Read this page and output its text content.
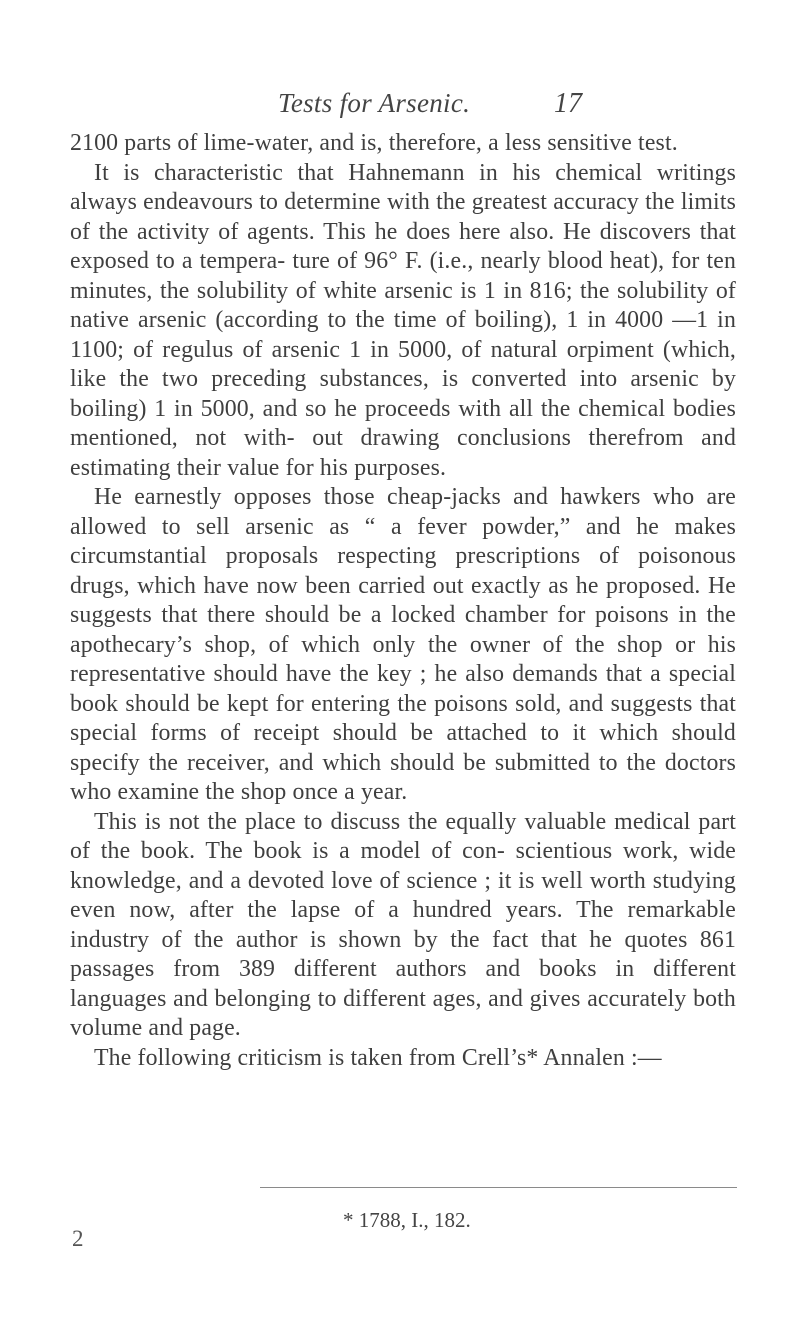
Tests for Arsenic.	17

2100 parts of lime-water, and is, therefore, a less sensitive test.

It is characteristic that Hahnemann in his chemical writings always endeavours to determine with the greatest accuracy the limits of the activity of agents. This he does here also. He discovers that exposed to a tempera- ture of 96° F. (i.e., nearly blood heat), for ten minutes, the solubility of white arsenic is 1 in 816; the solubility of native arsenic (according to the time of boiling), 1 in 4000 —1 in 1100; of regulus of arsenic 1 in 5000, of natural orpiment (which, like the two preceding substances, is converted into arsenic by boiling) 1 in 5000, and so he proceeds with all the chemical bodies mentioned, not with- out drawing conclusions therefrom and estimating their value for his purposes.

He earnestly opposes those cheap-jacks and hawkers who are allowed to sell arsenic as “ a fever powder,” and he makes circumstantial proposals respecting prescriptions of poisonous drugs, which have now been carried out exactly as he proposed. He suggests that there should be a locked chamber for poisons in the apothecary’s shop, of which only the owner of the shop or his representative should have the key ; he also demands that a special book should be kept for entering the poisons sold, and suggests that special forms of receipt should be attached to it which should specify the receiver, and which should be submitted to the doctors who examine the shop once a year.

This is not the place to discuss the equally valuable medical part of the book. The book is a model of con- scientious work, wide knowledge, and a devoted love of science ; it is well worth studying even now, after the lapse of a hundred years. The remarkable industry of the author is shown by the fact that he quotes 861 passages from 389 different authors and books in different languages and belonging to different ages, and gives accurately both volume and page.

The following criticism is taken from Crell’s* Annalen :—

* 1788, I., 182.
2
